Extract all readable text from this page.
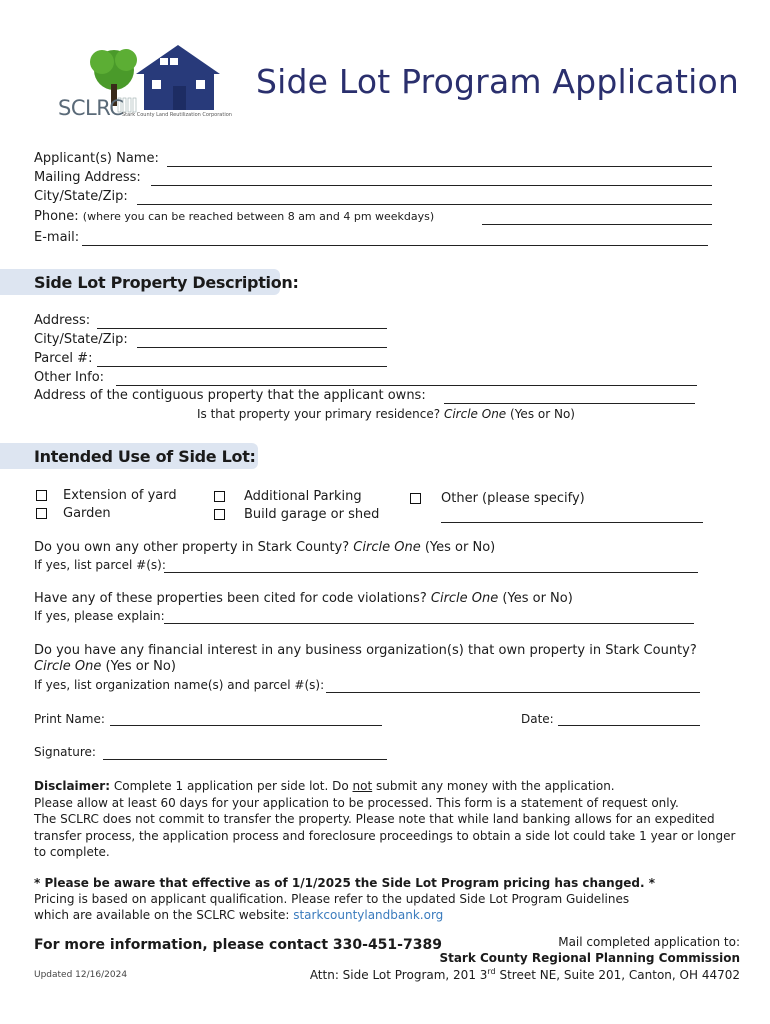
SCLRC
Stark County Land Reutilization Corporation
Side Lot Program Application
Applicant(s) Name:
Mailing Address:
City/State/Zip:
Phone: (where you can be reached between 8 am and 4 pm weekdays)
E-mail:
Side Lot Property Description:
Address:
City/State/Zip:
Parcel #:
Other Info:
Address of the contiguous property that the applicant owns:
Is that property your primary residence? Circle One (Yes or No)
Intended Use of Side Lot:
Extension of yard
Garden
Additional Parking
Build garage or shed
Other (please specify)
Do you own any other property in Stark County? Circle One (Yes or No)
If yes, list parcel #(s):
Have any of these properties been cited for code violations? Circle One (Yes or No)
If yes, please explain:
Do you have any financial interest in any business organization(s) that own property in Stark County?
Circle One (Yes or No)
If yes, list organization name(s) and parcel #(s):
Print Name:	Date:
Signature:
Disclaimer: Complete 1 application per side lot. Do not submit any money with the application.
Please allow at least 60 days for your application to be processed. This form is a statement of request only.
The SCLRC does not commit to transfer the property. Please note that while land banking allows for an expedited
transfer process, the application process and foreclosure proceedings to obtain a side lot could take 1 year or longer
to complete.
* Please be aware that effective as of 1/1/2025 the Side Lot Program pricing has changed. *
Pricing is based on applicant qualification. Please refer to the updated Side Lot Program Guidelines
which are available on the SCLRC website: starkcountylandbank.org
For more information, please contact 330-451-7389
Updated 12/16/2024
Mail completed application to:
Stark County Regional Planning Commission
Attn: Side Lot Program, 201 3rd Street NE, Suite 201, Canton, OH 44702
